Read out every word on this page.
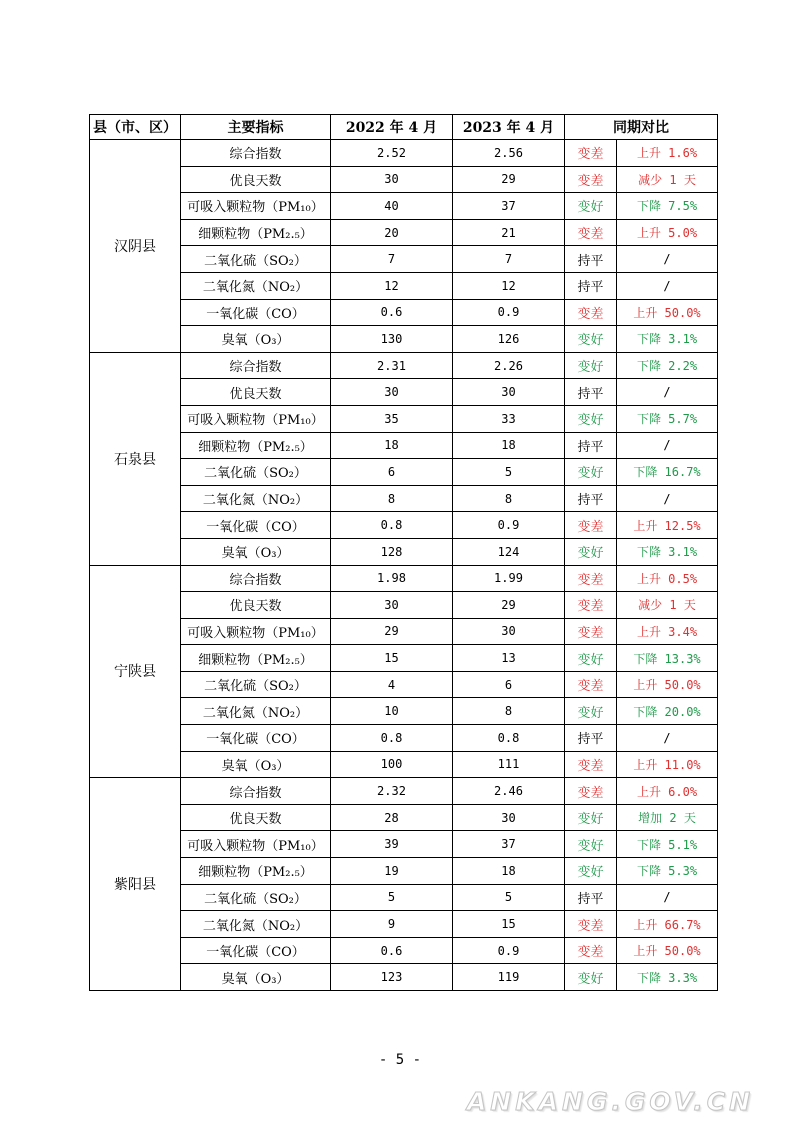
县（市、区）	主要指标	2022 年 4 月	2023 年 4 月	同期对比	
汉阴县	综合指数	2.52	2.56	变差	上升 1.6%
	优良天数	30	29	变差	减少 1 天
	可吸入颗粒物（PM₁₀）	40	37	变好	下降 7.5%
	细颗粒物（PM₂.₅）	20	21	变差	上升 5.0%
	二氧化硫（SO₂）	7	7	持平	/
	二氧化氮（NO₂）	12	12	持平	/
	一氧化碳（CO）	0.6	0.9	变差	上升 50.0%
	臭氧（O₃）	130	126	变好	下降 3.1%
石泉县	综合指数	2.31	2.26	变好	下降 2.2%
	优良天数	30	30	持平	/
	可吸入颗粒物（PM₁₀）	35	33	变好	下降 5.7%
	细颗粒物（PM₂.₅）	18	18	持平	/
	二氧化硫（SO₂）	6	5	变好	下降 16.7%
	二氧化氮（NO₂）	8	8	持平	/
	一氧化碳（CO）	0.8	0.9	变差	上升 12.5%
	臭氧（O₃）	128	124	变好	下降 3.1%
宁陕县	综合指数	1.98	1.99	变差	上升 0.5%
	优良天数	30	29	变差	减少 1 天
	可吸入颗粒物（PM₁₀）	29	30	变差	上升 3.4%
	细颗粒物（PM₂.₅）	15	13	变好	下降 13.3%
	二氧化硫（SO₂）	4	6	变差	上升 50.0%
	二氧化氮（NO₂）	10	8	变好	下降 20.0%
	一氧化碳（CO）	0.8	0.8	持平	/
	臭氧（O₃）	100	111	变差	上升 11.0%
紫阳县	综合指数	2.32	2.46	变差	上升 6.0%
	优良天数	28	30	变好	增加 2 天
	可吸入颗粒物（PM₁₀）	39	37	变好	下降 5.1%
	细颗粒物（PM₂.₅）	19	18	变好	下降 5.3%
	二氧化硫（SO₂）	5	5	持平	/
	二氧化氮（NO₂）	9	15	变差	上升 66.7%
	一氧化碳（CO）	0.6	0.9	变差	上升 50.0%
	臭氧（O₃）	123	119	变好	下降 3.3%
- 5 -
ANKANG.GOV.CN
